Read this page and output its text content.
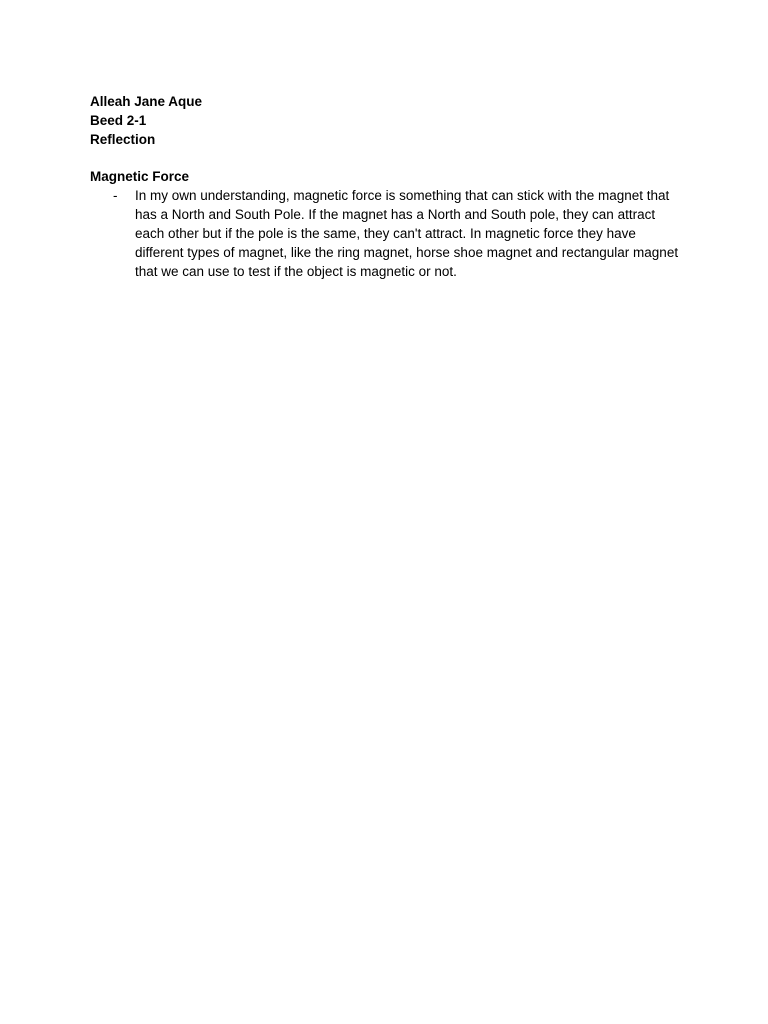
Alleah Jane Aque
Beed 2-1
Reflection
Magnetic Force
- In my own understanding, magnetic force is something that can stick with the magnet that has a North and South Pole. If the magnet has a North and South pole, they can attract each other but if the pole is the same, they can't attract. In magnetic force they have different types of magnet, like the ring magnet, horse shoe magnet and rectangular magnet that we can use to test if the object is magnetic or not.
